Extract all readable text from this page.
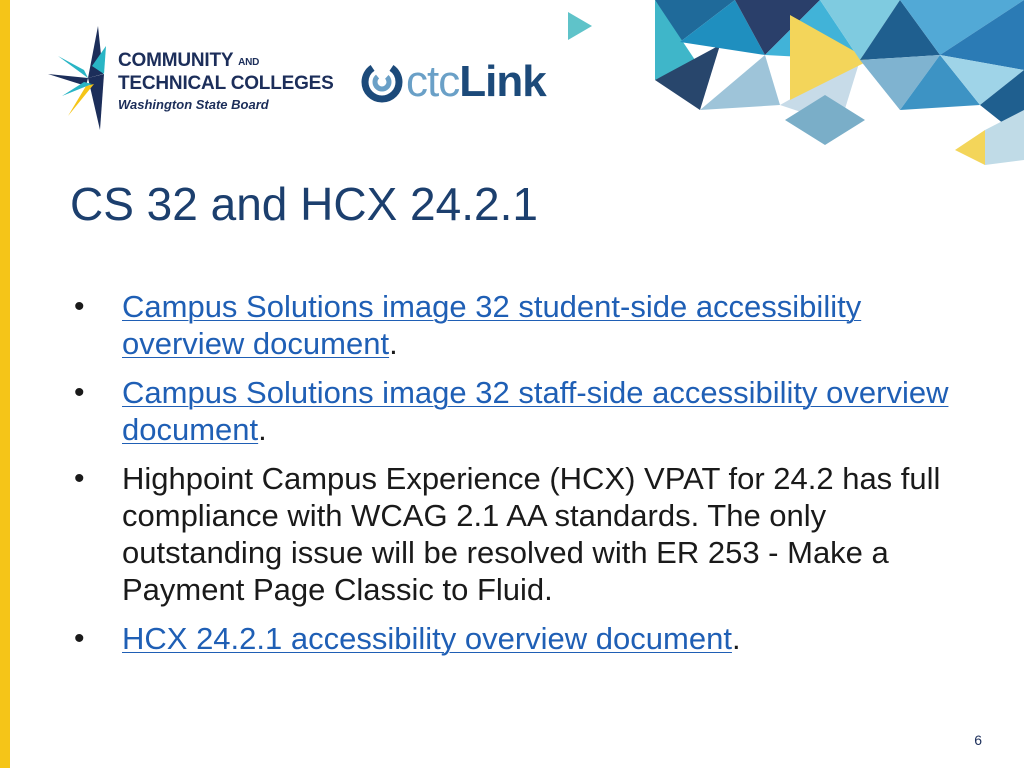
COMMUNITY AND
TECHNICAL COLLEGES
Washington State Board	ctcLink
CS 32 and HCX 24.2.1
• Campus Solutions image 32 student-side accessibility overview document.
• Campus Solutions image 32 staff-side accessibility overview document.
• Highpoint Campus Experience (HCX) VPAT for 24.2 has full compliance with WCAG 2.1 AA standards. The only outstanding issue will be resolved with ER 253 - Make a Payment Page Classic to Fluid.
• HCX 24.2.1 accessibility overview document.
6
